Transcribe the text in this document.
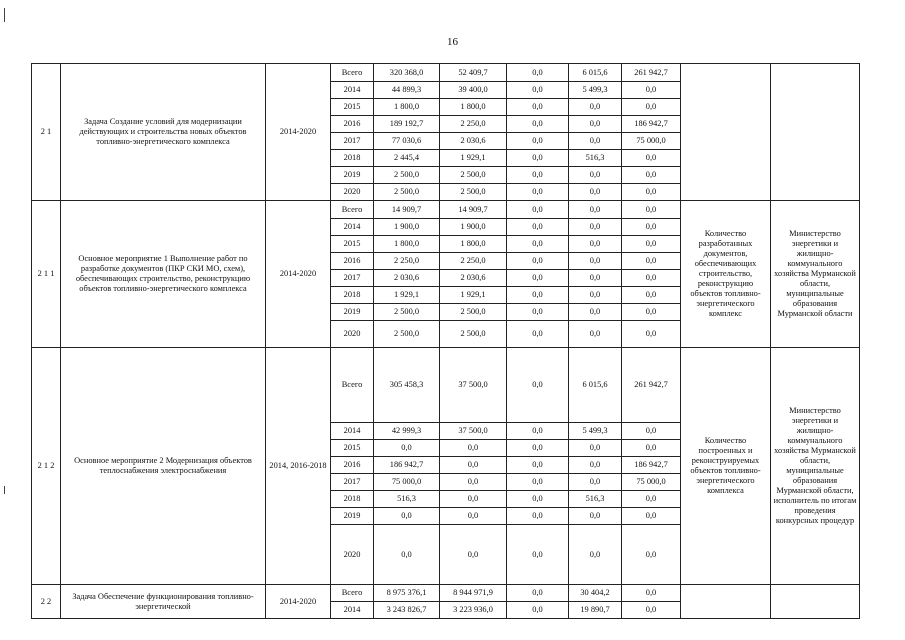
16
2 1	Задача Создание условий для модернизации действующих и строительства новых объектов топливно-энергетического комплекса	2014-2020	Всего	320 368,0	52 409,7	0,0	6 015,6	261 942,7		
			2014	44 899,3	39 400,0	0,0	5 499,3	0,0		
			2015	1 800,0	1 800,0	0,0	0,0	0,0		
			2016	189 192,7	2 250,0	0,0	0,0	186 942,7		
			2017	77 030,6	2 030,6	0,0	0,0	75 000,0		
			2018	2 445,4	1 929,1	0,0	516,3	0,0		
			2019	2 500,0	2 500,0	0,0	0,0	0,0		
			2020	2 500,0	2 500,0	0,0	0,0	0,0		
2 1 1	Основное мероприятие 1 Выполнение работ по разработке документов (ПКР СКИ МО, схем), обеспечивающих строительство, реконструкцию объектов топливно-энергетического комплекса	2014-2020	Всего	14 909,7	14 909,7	0,0	0,0	0,0	Количество разработанных документов, обеспечивающих строительство, реконструкцию объектов топливно-энергетического комплекс	Министерство энергетики и жилищно-коммунального хозяйства Мурманской области, муниципальные образования Мурманской области
			2014	1 900,0	1 900,0	0,0	0,0	0,0		
			2015	1 800,0	1 800,0	0,0	0,0	0,0		
			2016	2 250,0	2 250,0	0,0	0,0	0,0		
			2017	2 030,6	2 030,6	0,0	0,0	0,0		
			2018	1 929,1	1 929,1	0,0	0,0	0,0		
			2019	2 500,0	2 500,0	0,0	0,0	0,0		
			2020	2 500,0	2 500,0	0,0	0,0	0,0		
2 1 2	Основное мероприятие 2 Модернизация объектов теплоснабжения электроснабжения	2014, 2016-2018	Всего	305 458,3	37 500,0	0,0	6 015,6	261 942,7	Количество построенных и реконструируемых объектов топливно-энергетического комплекса	Министерство энергетики и жилищно-коммунального хозяйства Мурманской области, муниципальные образования Мурманской области, исполнитель по итогам проведения конкурсных процедур
			2014	42 999,3	37 500,0	0,0	5 499,3	0,0		
			2015	0,0	0,0	0,0	0,0	0,0		
			2016	186 942,7	0,0	0,0	0,0	186 942,7		
			2017	75 000,0	0,0	0,0	0,0	75 000,0		
			2018	516,3	0,0	0,0	516,3	0,0		
			2019	0,0	0,0	0,0	0,0	0,0		
			2020	0,0	0,0	0,0	0,0	0,0		
2 2	Задача Обеспечение функционирования топливно-энергетической	2014-2020	Всего	8 975 376,1	8 944 971,9	0,0	30 404,2	0,0		
			2014	3 243 826,7	3 223 936,0	0,0	19 890,7	0,0		
